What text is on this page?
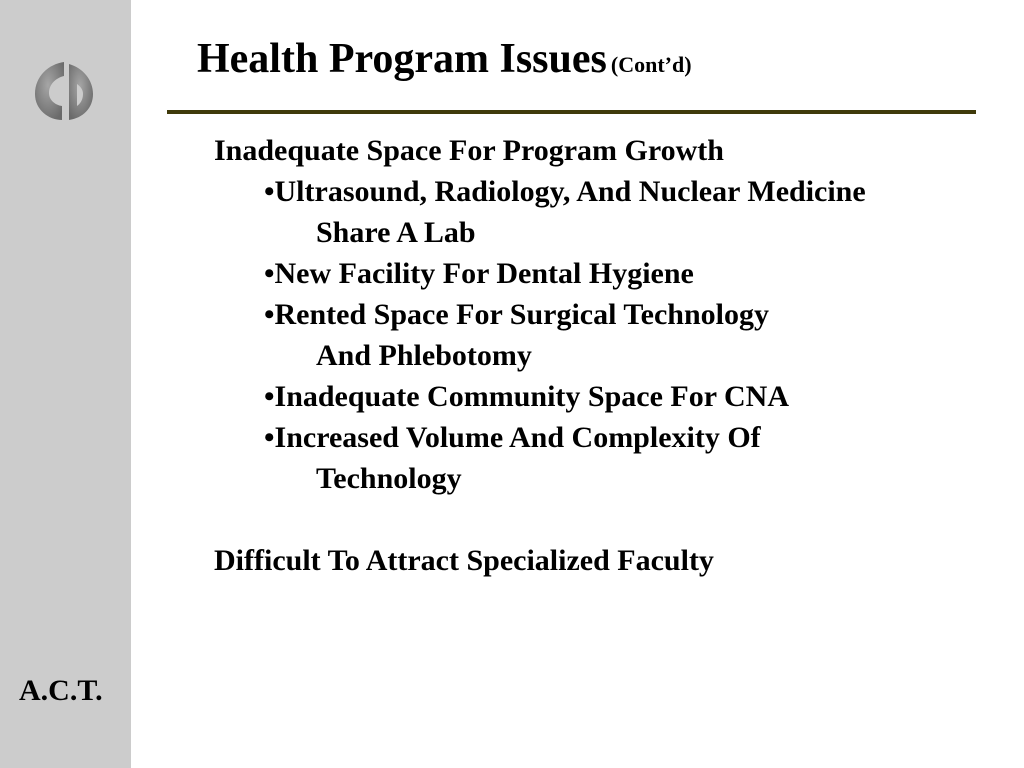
A.C.T.
Health Program Issues (Cont’d)

Inadequate Space For Program Growth

•Ultrasound, Radiology, And Nuclear Medicine

Share A Lab

•New Facility For Dental Hygiene

•Rented Space For Surgical Technology

And Phlebotomy

•Inadequate Community Space For CNA

•Increased Volume And Complexity Of

Technology

Difficult To Attract Specialized Faculty
